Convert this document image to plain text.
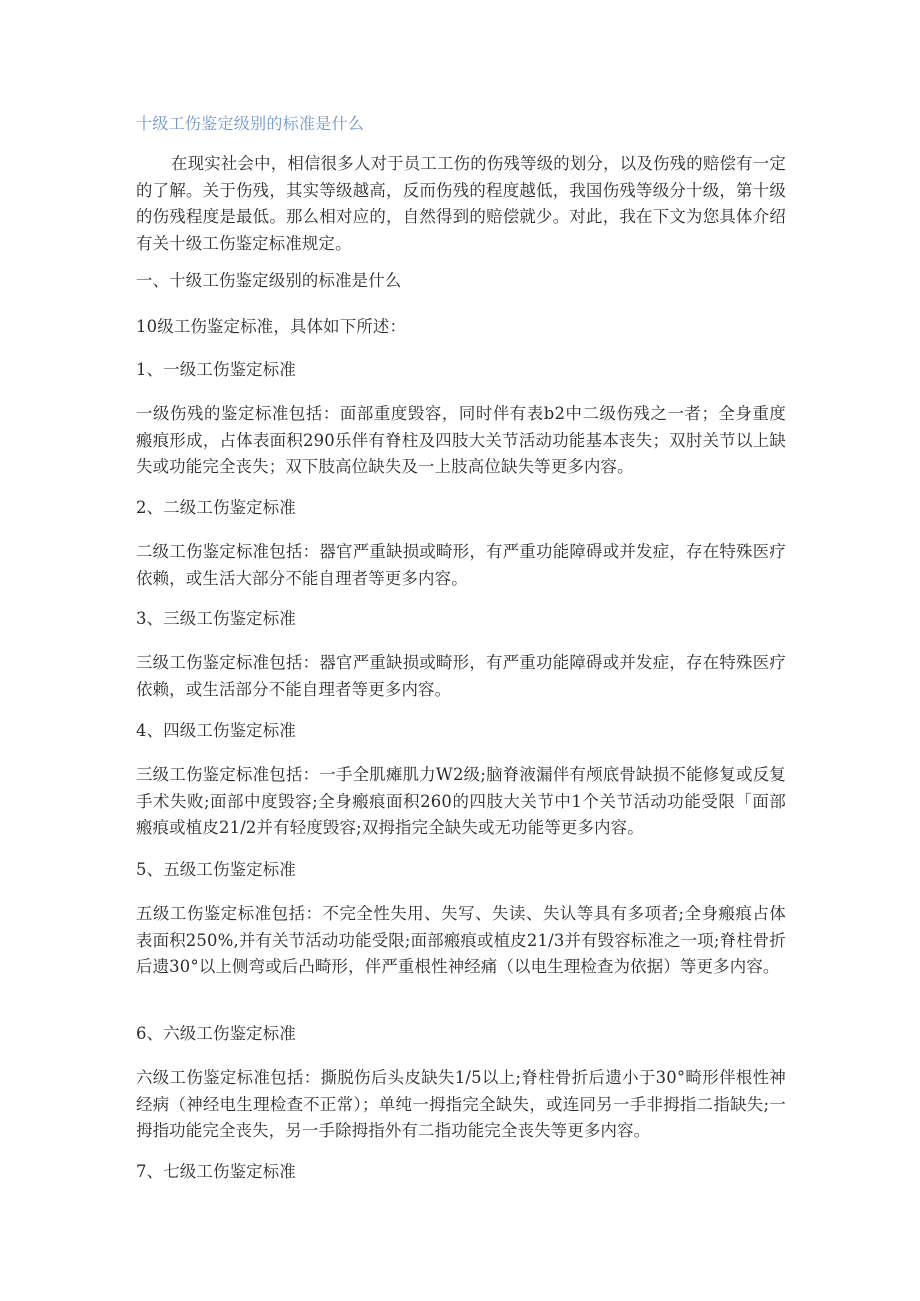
十级工伤鉴定级别的标准是什么
在现实社会中，相信很多人对于员工工伤的伤残等级的划分，以及伤残的赔偿有一定的了解。关于伤残，其实等级越高，反而伤残的程度越低，我国伤残等级分十级，第十级的伤残程度是最低。那么相对应的，自然得到的赔偿就少。对此，我在下文为您具体介绍有关十级工伤鉴定标准规定。
一、十级工伤鉴定级别的标准是什么
10级工伤鉴定标准，具体如下所述：
1、一级工伤鉴定标准
一级伤残的鉴定标准包括：面部重度毁容，同时伴有表b2中二级伤残之一者；全身重度瘢痕形成，占体表面积290乐伴有脊柱及四肢大关节活动功能基本丧失；双肘关节以上缺失或功能完全丧失；双下肢高位缺失及一上肢高位缺失等更多内容。
2、二级工伤鉴定标准
二级工伤鉴定标准包括：器官严重缺损或畸形，有严重功能障碍或并发症，存在特殊医疗依赖，或生活大部分不能自理者等更多内容。
3、三级工伤鉴定标准
三级工伤鉴定标准包括：器官严重缺损或畸形，有严重功能障碍或并发症，存在特殊医疗依赖，或生活部分不能自理者等更多内容。
4、四级工伤鉴定标准
三级工伤鉴定标准包括：一手全肌瘫肌力W2级;脑脊液漏伴有颅底骨缺损不能修复或反复手术失败;面部中度毁容;全身瘢痕面积260的四肢大关节中1个关节活动功能受限「面部瘢痕或植皮21/2并有轻度毁容;双拇指完全缺失或无功能等更多内容。
5、五级工伤鉴定标准
五级工伤鉴定标准包括：不完全性失用、失写、失读、失认等具有多项者;全身瘢痕占体表面积250%,并有关节活动功能受限;面部瘢痕或植皮21/3并有毁容标准之一项;脊柱骨折后遗30°以上侧弯或后凸畸形，伴严重根性神经痛（以电生理检查为依据）等更多内容。
6、六级工伤鉴定标准
六级工伤鉴定标准包括：撕脱伤后头皮缺失1/5以上;脊柱骨折后遗小于30°畸形伴根性神经病（神经电生理检查不正常）；单纯一拇指完全缺失，或连同另一手非拇指二指缺失;一拇指功能完全丧失，另一手除拇指外有二指功能完全丧失等更多内容。
7、七级工伤鉴定标准
